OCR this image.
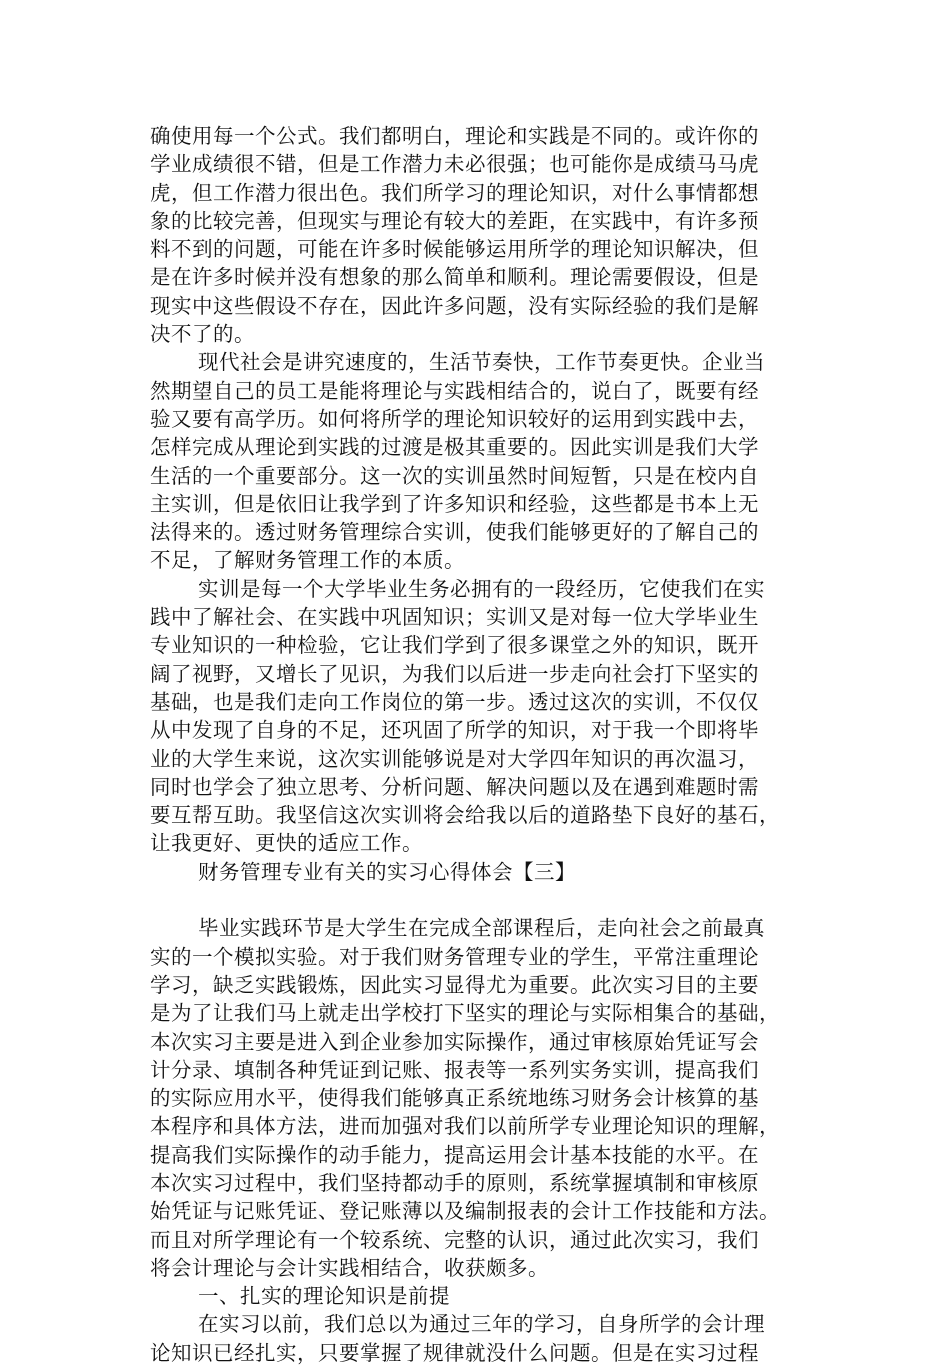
确使用每一个公式。我们都明白，理论和实践是不同的。或许你的
学业成绩很不错，但是工作潜力未必很强；也可能你是成绩马马虎
虎，但工作潜力很出色。我们所学习的理论知识，对什么事情都想
象的比较完善，但现实与理论有较大的差距，在实践中，有许多预
料不到的问题，可能在许多时候能够运用所学的理论知识解决，但
是在许多时候并没有想象的那么简单和顺利。理论需要假设，但是
现实中这些假设不存在，因此许多问题，没有实际经验的我们是解
决不了的。
现代社会是讲究速度的，生活节奏快，工作节奏更快。企业当
然期望自己的员工是能将理论与实践相结合的，说白了，既要有经
验又要有高学历。如何将所学的理论知识较好的运用到实践中去，
怎样完成从理论到实践的过渡是极其重要的。因此实训是我们大学
生活的一个重要部分。这一次的实训虽然时间短暂，只是在校内自
主实训，但是依旧让我学到了许多知识和经验，这些都是书本上无
法得来的。透过财务管理综合实训，使我们能够更好的了解自己的
不足，了解财务管理工作的本质。
实训是每一个大学毕业生务必拥有的一段经历，它使我们在实
践中了解社会、在实践中巩固知识；实训又是对每一位大学毕业生
专业知识的一种检验，它让我们学到了很多课堂之外的知识，既开
阔了视野，又增长了见识，为我们以后进一步走向社会打下坚实的
基础，也是我们走向工作岗位的第一步。透过这次的实训，不仅仅
从中发现了自身的不足，还巩固了所学的知识，对于我一个即将毕
业的大学生来说，这次实训能够说是对大学四年知识的再次温习，
同时也学会了独立思考、分析问题、解决问题以及在遇到难题时需
要互帮互助。我坚信这次实训将会给我以后的道路垫下良好的基石，
让我更好、更快的适应工作。
财务管理专业有关的实习心得体会【三】
毕业实践环节是大学生在完成全部课程后，走向社会之前最真
实的一个模拟实验。对于我们财务管理专业的学生，平常注重理论
学习，缺乏实践锻炼，因此实习显得尤为重要。此次实习目的主要
是为了让我们马上就走出学校打下坚实的理论与实际相集合的基础，
本次实习主要是进入到企业参加实际操作，通过审核原始凭证写会
计分录、填制各种凭证到记账、报表等一系列实务实训，提高我们
的实际应用水平，使得我们能够真正系统地练习财务会计核算的基
本程序和具体方法，进而加强对我们以前所学专业理论知识的理解，
提高我们实际操作的动手能力，提高运用会计基本技能的水平。在
本次实习过程中，我们坚持都动手的原则，系统掌握填制和审核原
始凭证与记账凭证、登记账薄以及编制报表的会计工作技能和方法。
而且对所学理论有一个较系统、完整的认识，通过此次实习，我们
将会计理论与会计实践相结合，收获颇多。
一、扎实的理论知识是前提
在实习以前，我们总以为通过三年的学习，自身所学的会计理
论知识已经扎实，只要掌握了规律就没什么问题。但是在实习过程
